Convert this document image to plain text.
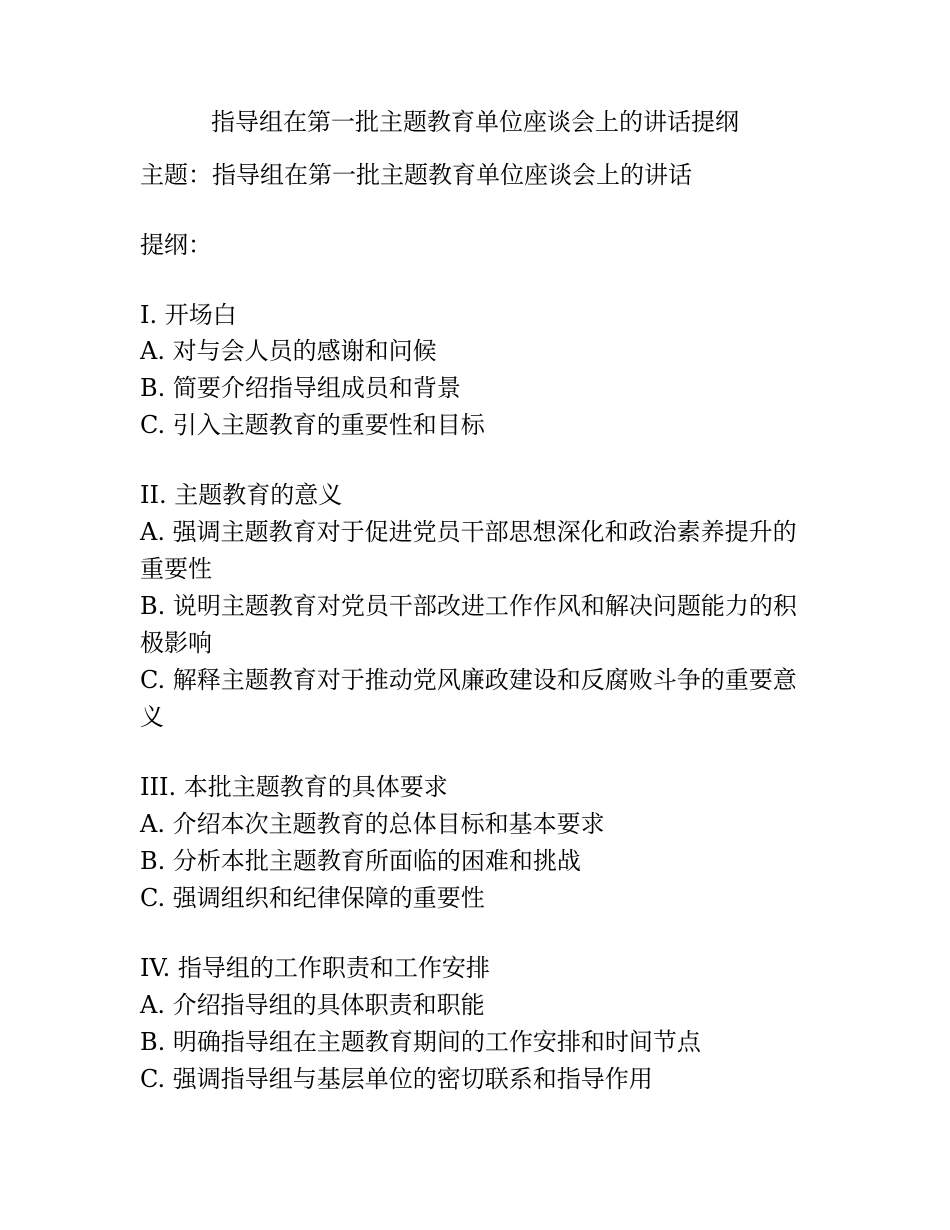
指导组在第一批主题教育单位座谈会上的讲话提纲
主题：指导组在第一批主题教育单位座谈会上的讲话
提纲：
I. 开场白
A. 对与会人员的感谢和问候
B. 简要介绍指导组成员和背景
C. 引入主题教育的重要性和目标
II. 主题教育的意义
A. 强调主题教育对于促进党员干部思想深化和政治素养提升的重要性
B. 说明主题教育对党员干部改进工作作风和解决问题能力的积极影响
C. 解释主题教育对于推动党风廉政建设和反腐败斗争的重要意义
III. 本批主题教育的具体要求
A. 介绍本次主题教育的总体目标和基本要求
B. 分析本批主题教育所面临的困难和挑战
C. 强调组织和纪律保障的重要性
IV. 指导组的工作职责和工作安排
A. 介绍指导组的具体职责和职能
B. 明确指导组在主题教育期间的工作安排和时间节点
C. 强调指导组与基层单位的密切联系和指导作用
